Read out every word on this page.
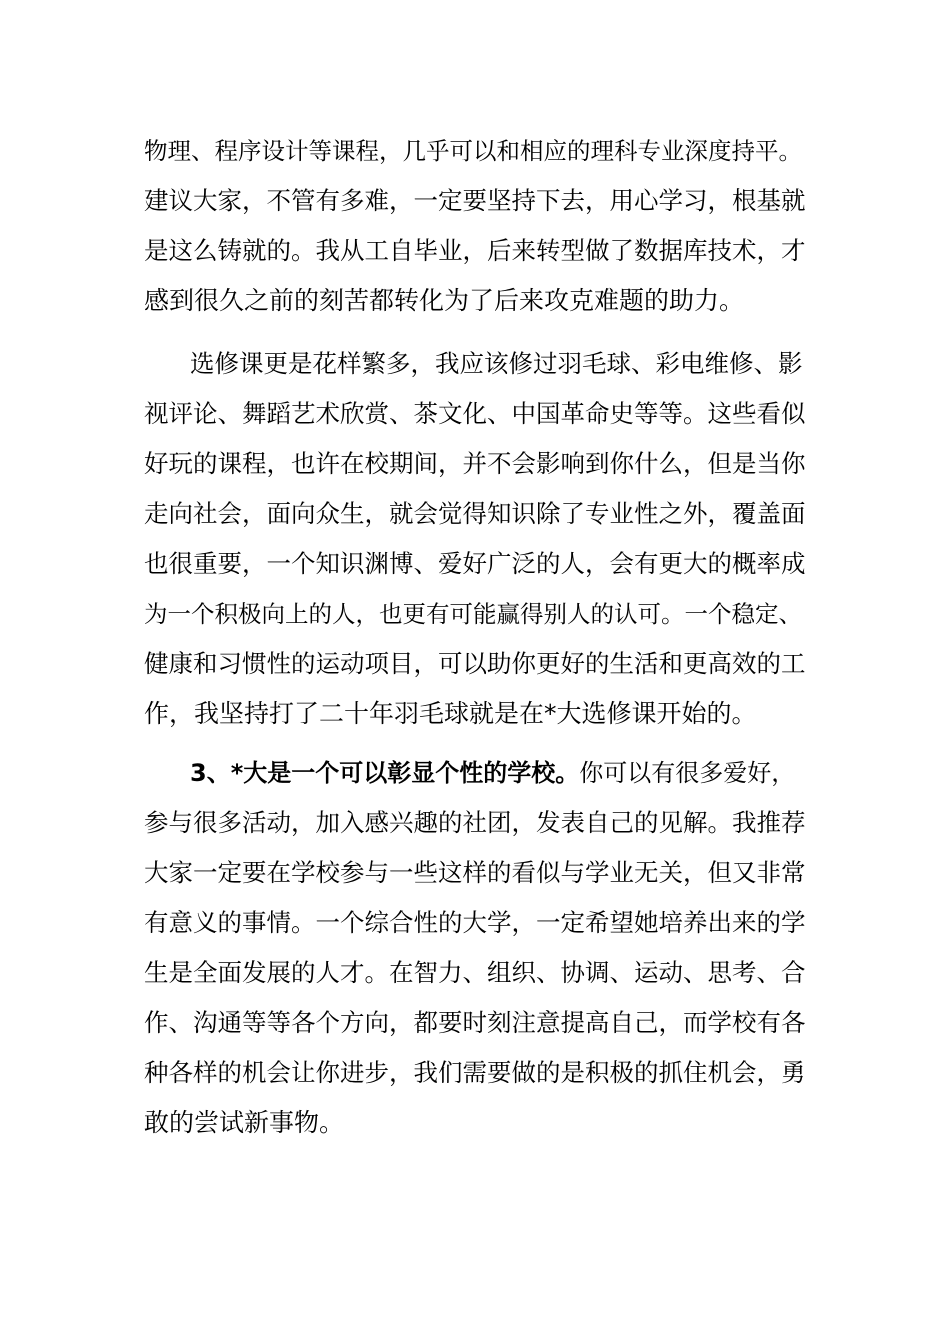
物理、程序设计等课程，几乎可以和相应的理科专业深度持平。
建议大家，不管有多难，一定要坚持下去，用心学习，根基就
是这么铸就的。我从工自毕业，后来转型做了数据库技术，才
感到很久之前的刻苦都转化为了后来攻克难题的助力。
选修课更是花样繁多，我应该修过羽毛球、彩电维修、影
视评论、舞蹈艺术欣赏、茶文化、中国革命史等等。这些看似
好玩的课程，也许在校期间，并不会影响到你什么，但是当你
走向社会，面向众生，就会觉得知识除了专业性之外，覆盖面
也很重要，一个知识渊博、爱好广泛的人，会有更大的概率成
为一个积极向上的人，也更有可能赢得别人的认可。一个稳定、
健康和习惯性的运动项目，可以助你更好的生活和更高效的工
作，我坚持打了二十年羽毛球就是在*大选修课开始的。
3、*大是一个可以彰显个性的学校。你可以有很多爱好，
参与很多活动，加入感兴趣的社团，发表自己的见解。我推荐
大家一定要在学校参与一些这样的看似与学业无关，但又非常
有意义的事情。一个综合性的大学，一定希望她培养出来的学
生是全面发展的人才。在智力、组织、协调、运动、思考、合
作、沟通等等各个方向，都要时刻注意提高自己，而学校有各
种各样的机会让你进步，我们需要做的是积极的抓住机会，勇
敢的尝试新事物。
